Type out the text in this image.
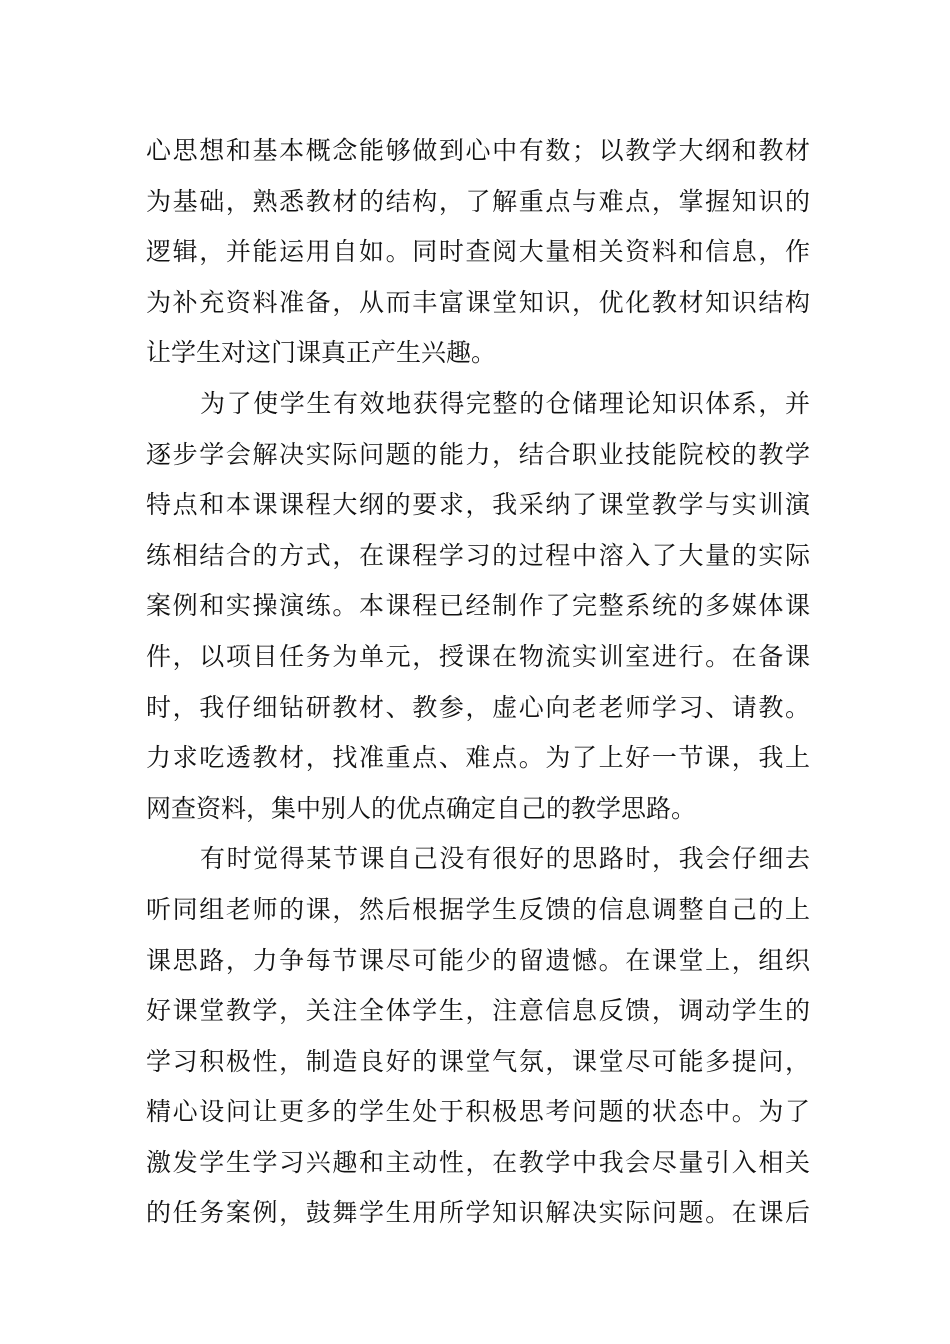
心思想和基本概念能够做到心中有数；以教学大纲和教材
为基础，熟悉教材的结构，了解重点与难点，掌握知识的
逻辑，并能运用自如。同时查阅大量相关资料和信息，作
为补充资料准备，从而丰富课堂知识，优化教材知识结构
让学生对这门课真正产生兴趣。
为了使学生有效地获得完整的仓储理论知识体系，并
逐步学会解决实际问题的能力，结合职业技能院校的教学
特点和本课课程大纲的要求，我采纳了课堂教学与实训演
练相结合的方式，在课程学习的过程中溶入了大量的实际
案例和实操演练。本课程已经制作了完整系统的多媒体课
件，以项目任务为单元，授课在物流实训室进行。在备课
时，我仔细钻研教材、教参，虚心向老老师学习、请教。
力求吃透教材，找准重点、难点。为了上好一节课，我上
网查资料，集中别人的优点确定自己的教学思路。
有时觉得某节课自己没有很好的思路时，我会仔细去
听同组老师的课，然后根据学生反馈的信息调整自己的上
课思路，力争每节课尽可能少的留遗憾。在课堂上，组织
好课堂教学，关注全体学生，注意信息反馈，调动学生的
学习积极性，制造良好的课堂气氛，课堂尽可能多提问，
精心设问让更多的学生处于积极思考问题的状态中。为了
激发学生学习兴趣和主动性，在教学中我会尽量引入相关
的任务案例，鼓舞学生用所学知识解决实际问题。在课后
